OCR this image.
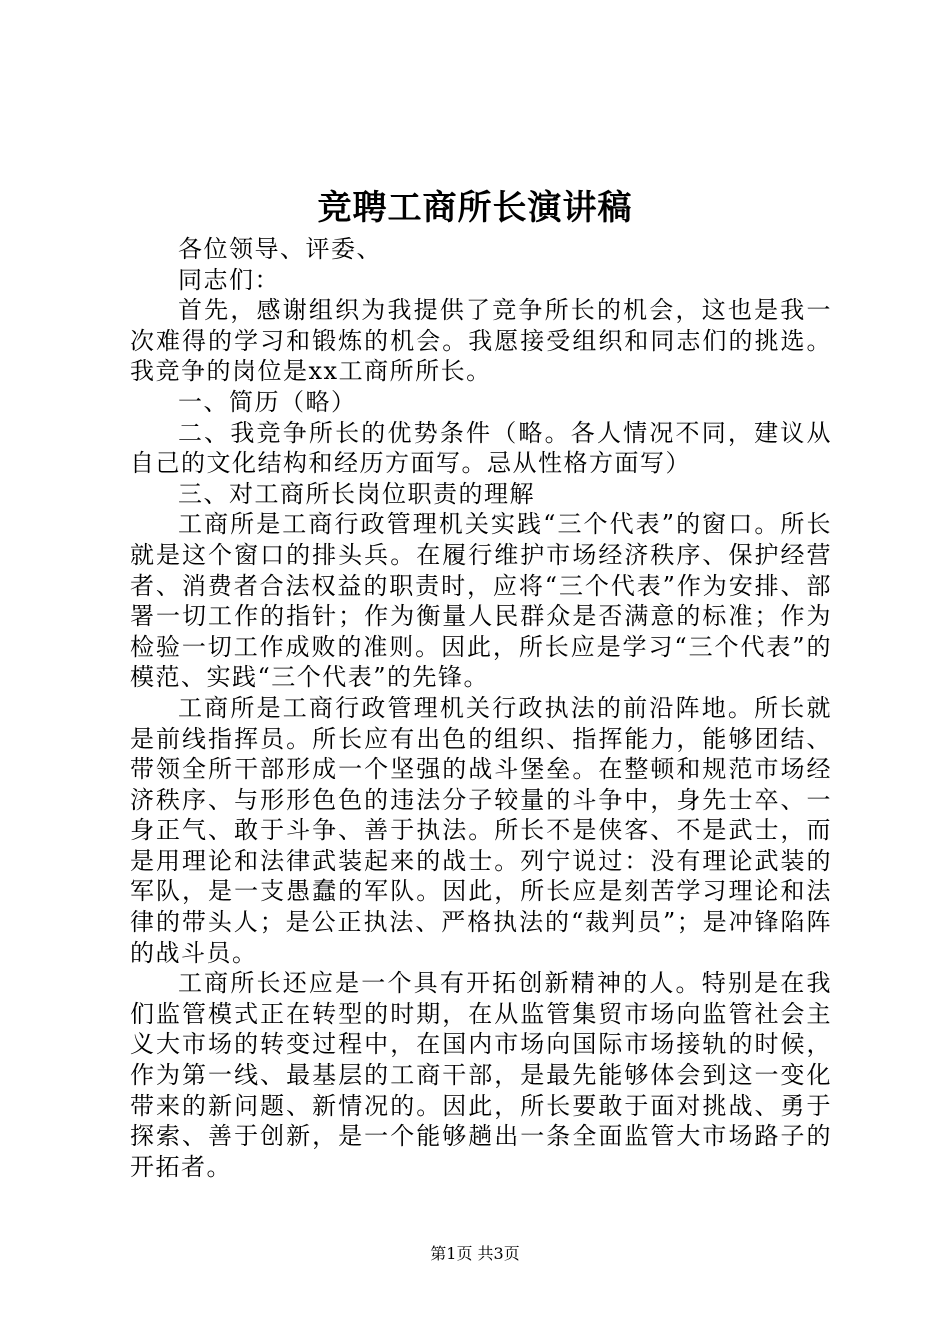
竞聘工商所长演讲稿

各位领导、评委、

同志们：

首先，感谢组织为我提供了竞争所长的机会，这也是我一次难得的学习和锻炼的机会。我愿接受组织和同志们的挑选。我竞争的岗位是xx工商所所长。

一、简历（略）

二、我竞争所长的优势条件（略。各人情况不同，建议从自己的文化结构和经历方面写。忌从性格方面写）

三、对工商所长岗位职责的理解

工商所是工商行政管理机关实践“三个代表”的窗口。所长就是这个窗口的排头兵。在履行维护市场经济秩序、保护经营者、消费者合法权益的职责时，应将“三个代表”作为安排、部署一切工作的指针；作为衡量人民群众是否满意的标准；作为检验一切工作成败的准则。因此，所长应是学习“三个代表”的模范、实践“三个代表”的先锋。

工商所是工商行政管理机关行政执法的前沿阵地。所长就是前线指挥员。所长应有出色的组织、指挥能力，能够团结、带领全所干部形成一个坚强的战斗堡垒。在整顿和规范市场经济秩序、与形形色色的违法分子较量的斗争中，身先士卒、一身正气、敢于斗争、善于执法。所长不是侠客、不是武士，而是用理论和法律武装起来的战士。列宁说过：没有理论武装的军队，是一支愚蠢的军队。因此，所长应是刻苦学习理论和法律的带头人；是公正执法、严格执法的“裁判员”；是冲锋陷阵的战斗员。

工商所长还应是一个具有开拓创新精神的人。特别是在我们监管模式正在转型的时期，在从监管集贸市场向监管社会主义大市场的转变过程中，在国内市场向国际市场接轨的时候，作为第一线、最基层的工商干部，是最先能够体会到这一变化带来的新问题、新情况的。因此，所长要敢于面对挑战、勇于探索、善于创新，是一个能够趟出一条全面监管大市场路子的开拓者。

第1页 共3页
